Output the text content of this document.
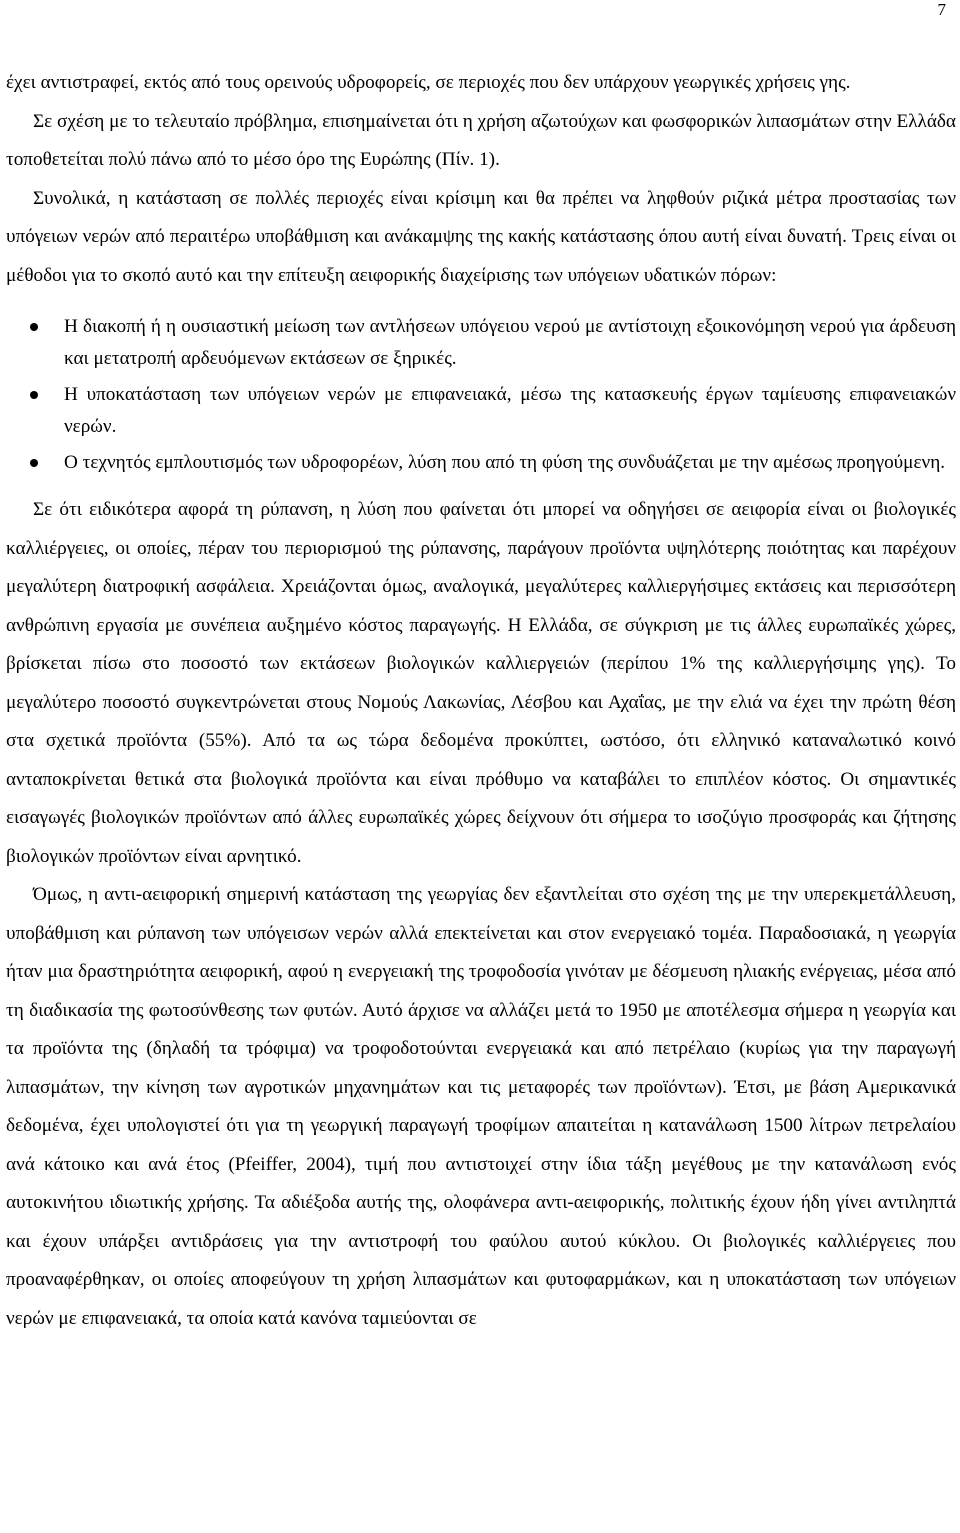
7

έχει αντιστραφεί, εκτός από τους ορεινούς υδροφορείς, σε περιοχές που δεν υπάρχουν γεωργικές χρήσεις γης.

Σε σχέση με το τελευταίο πρόβλημα, επισημαίνεται ότι η χρήση αζωτούχων και φωσφορικών λιπασμάτων στην Ελλάδα τοποθετείται πολύ πάνω από το μέσο όρο της Ευρώπης (Πίν. 1).

Συνολικά, η κατάσταση σε πολλές περιοχές είναι κρίσιμη και θα πρέπει να ληφθούν ριζικά μέτρα προστασίας των υπόγειων νερών από περαιτέρω υποβάθμιση και ανάκαμψης της κακής κατάστασης όπου αυτή είναι δυνατή. Τρεις είναι οι μέθοδοι για το σκοπό αυτό και την επίτευξη αειφορικής διαχείρισης των υπόγειων υδατικών πόρων:

Η διακοπή ή η ουσιαστική μείωση των αντλήσεων υπόγειου νερού με αντίστοιχη εξοικονόμηση νερού για άρδευση και μετατροπή αρδευόμενων εκτάσεων σε ξηρικές.
Η υποκατάσταση των υπόγειων νερών με επιφανειακά, μέσω της κατασκευής έργων ταμίευσης επιφανειακών νερών.
Ο τεχνητός εμπλουτισμός των υδροφορέων, λύση που από τη φύση της συνδυάζεται με την αμέσως προηγούμενη.

Σε ότι ειδικότερα αφορά τη ρύπανση, η λύση που φαίνεται ότι μπορεί να οδηγήσει σε αειφορία είναι οι βιολογικές καλλιέργειες, οι οποίες, πέραν του περιορισμού της ρύπανσης, παράγουν προϊόντα υψηλότερης ποιότητας και παρέχουν μεγαλύτερη διατροφική ασφάλεια. Χρειάζονται όμως, αναλογικά, μεγαλύτερες καλλιεργήσιμες εκτάσεις και περισσότερη ανθρώπινη εργασία με συνέπεια αυξημένο κόστος παραγωγής. Η Ελλάδα, σε σύγκριση με τις άλλες ευρωπαϊκές χώρες, βρίσκεται πίσω στο ποσοστό των εκτάσεων βιολογικών καλλιεργειών (περίπου 1% της καλλιεργήσιμης γης). Το μεγαλύτερο ποσοστό συγκεντρώνεται στους Νομούς Λακωνίας, Λέσβου και Αχαΐας, με την ελιά να έχει την πρώτη θέση στα σχετικά προϊόντα (55%). Από τα ως τώρα δεδομένα προκύπτει, ωστόσο, ότι ελληνικό καταναλωτικό κοινό ανταποκρίνεται θετικά στα βιολογικά προϊόντα και είναι πρόθυμο να καταβάλει το επιπλέον κόστος. Οι σημαντικές εισαγωγές βιολογικών προϊόντων από άλλες ευρωπαϊκές χώρες δείχνουν ότι σήμερα το ισοζύγιο προσφοράς και ζήτησης βιολογικών προϊόντων είναι αρνητικό.

Όμως, η αντι-αειφορική σημερινή κατάσταση της γεωργίας δεν εξαντλείται στο σχέση της με την υπερεκμετάλλευση, υποβάθμιση και ρύπανση των υπόγεισων νερών αλλά επεκτείνεται και στον ενεργειακό τομέα. Παραδοσιακά, η γεωργία ήταν μια δραστηριότητα αειφορική, αφού η ενεργειακή της τροφοδοσία γινόταν με δέσμευση ηλιακής ενέργειας, μέσα από τη διαδικασία της φωτοσύνθεσης των φυτών. Αυτό άρχισε να αλλάζει μετά το 1950 με αποτέλεσμα σήμερα η γεωργία και τα προϊόντα της (δηλαδή τα τρόφιμα) να τροφοδοτούνται ενεργειακά και από πετρέλαιο (κυρίως για την παραγωγή λιπασμάτων, την κίνηση των αγροτικών μηχανημάτων και τις μεταφορές των προϊόντων). Έτσι, με βάση Αμερικανικά δεδομένα, έχει υπολογιστεί ότι για τη γεωργική παραγωγή τροφίμων απαιτείται η κατανάλωση 1500 λίτρων πετρελαίου ανά κάτοικο και ανά έτος (Pfeiffer, 2004), τιμή που αντιστοιχεί στην ίδια τάξη μεγέθους με την κατανάλωση ενός αυτοκινήτου ιδιωτικής χρήσης. Τα αδιέξοδα αυτής της, ολοφάνερα αντι-αειφορικής, πολιτικής έχουν ήδη γίνει αντιληπτά και έχουν υπάρξει αντιδράσεις για την αντιστροφή του φαύλου αυτού κύκλου. Οι βιολογικές καλλιέργειες που προαναφέρθηκαν, οι οποίες αποφεύγουν τη χρήση λιπασμάτων και φυτοφαρμάκων, και η υποκατάσταση των υπόγειων νερών με επιφανειακά, τα οποία κατά κανόνα ταμιεύονται σε
